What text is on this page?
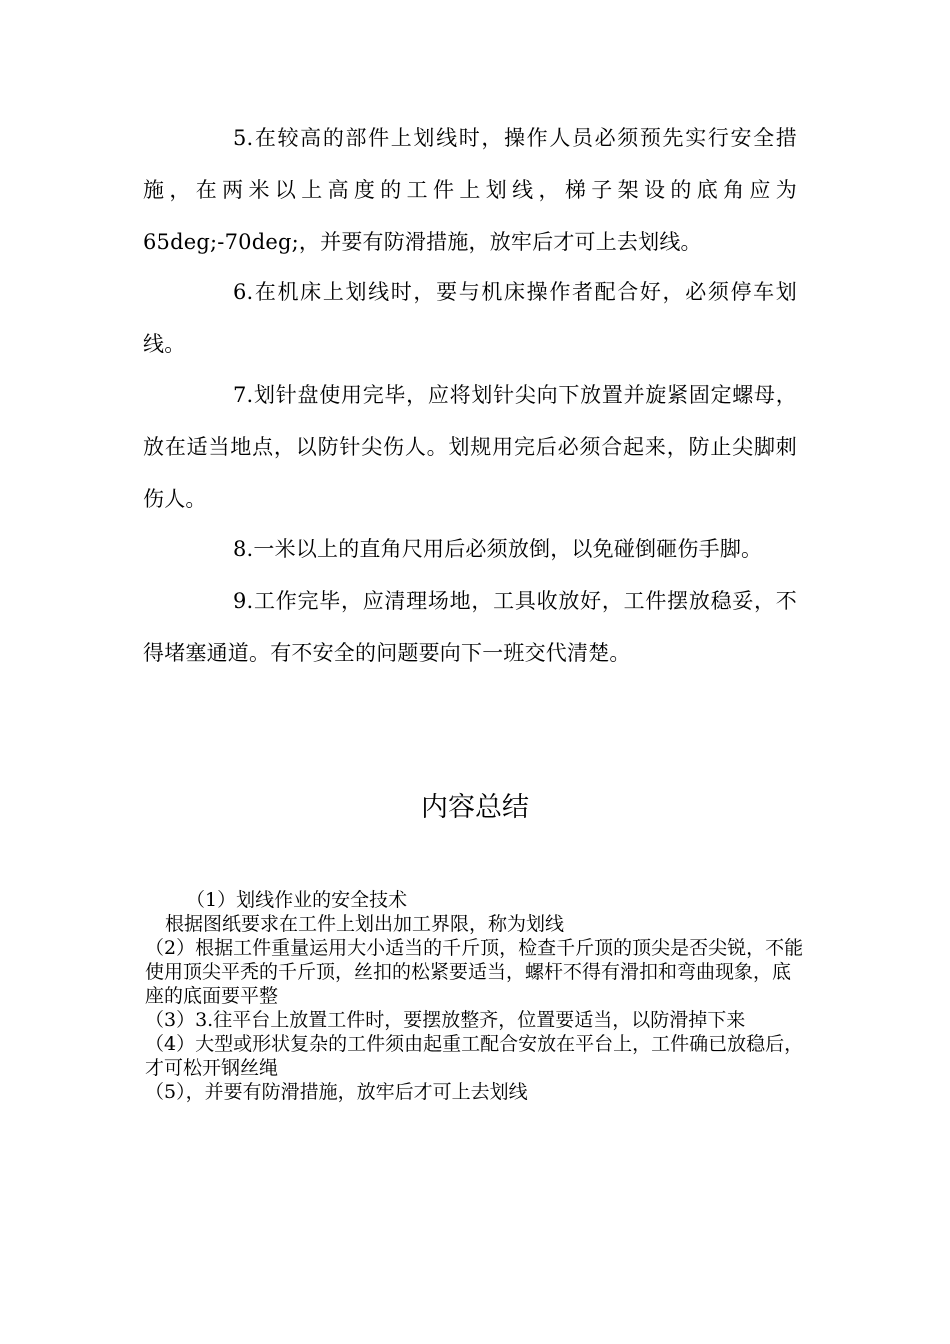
5.在较高的部件上划线时，操作人员必须预先实行安全措施，在两米以上高度的工件上划线，梯子架设的底角应为65deg;-70deg;，并要有防滑措施，放牢后才可上去划线。

6.在机床上划线时，要与机床操作者配合好，必须停车划线。

7.划针盘使用完毕，应将划针尖向下放置并旋紧固定螺母，放在适当地点，以防针尖伤人。划规用完后必须合起来，防止尖脚刺伤人。

8.一米以上的直角尺用后必须放倒，以免碰倒砸伤手脚。

9.工作完毕，应清理场地，工具收放好，工件摆放稳妥，不得堵塞通道。有不安全的问题要向下一班交代清楚。

内容总结
（1）划线作业的安全技术
根据图纸要求在工件上划出加工界限，称为划线
（2）根据工件重量运用大小适当的千斤顶，检查千斤顶的顶尖是否尖锐，不能使用顶尖平秃的千斤顶，丝扣的松紧要适当，螺杆不得有滑扣和弯曲现象，底座的底面要平整
（3）3.往平台上放置工件时，要摆放整齐，位置要适当，以防滑掉下来
（4）大型或形状复杂的工件须由起重工配合安放在平台上，工件确已放稳后，才可松开钢丝绳
（5），并要有防滑措施，放牢后才可上去划线
